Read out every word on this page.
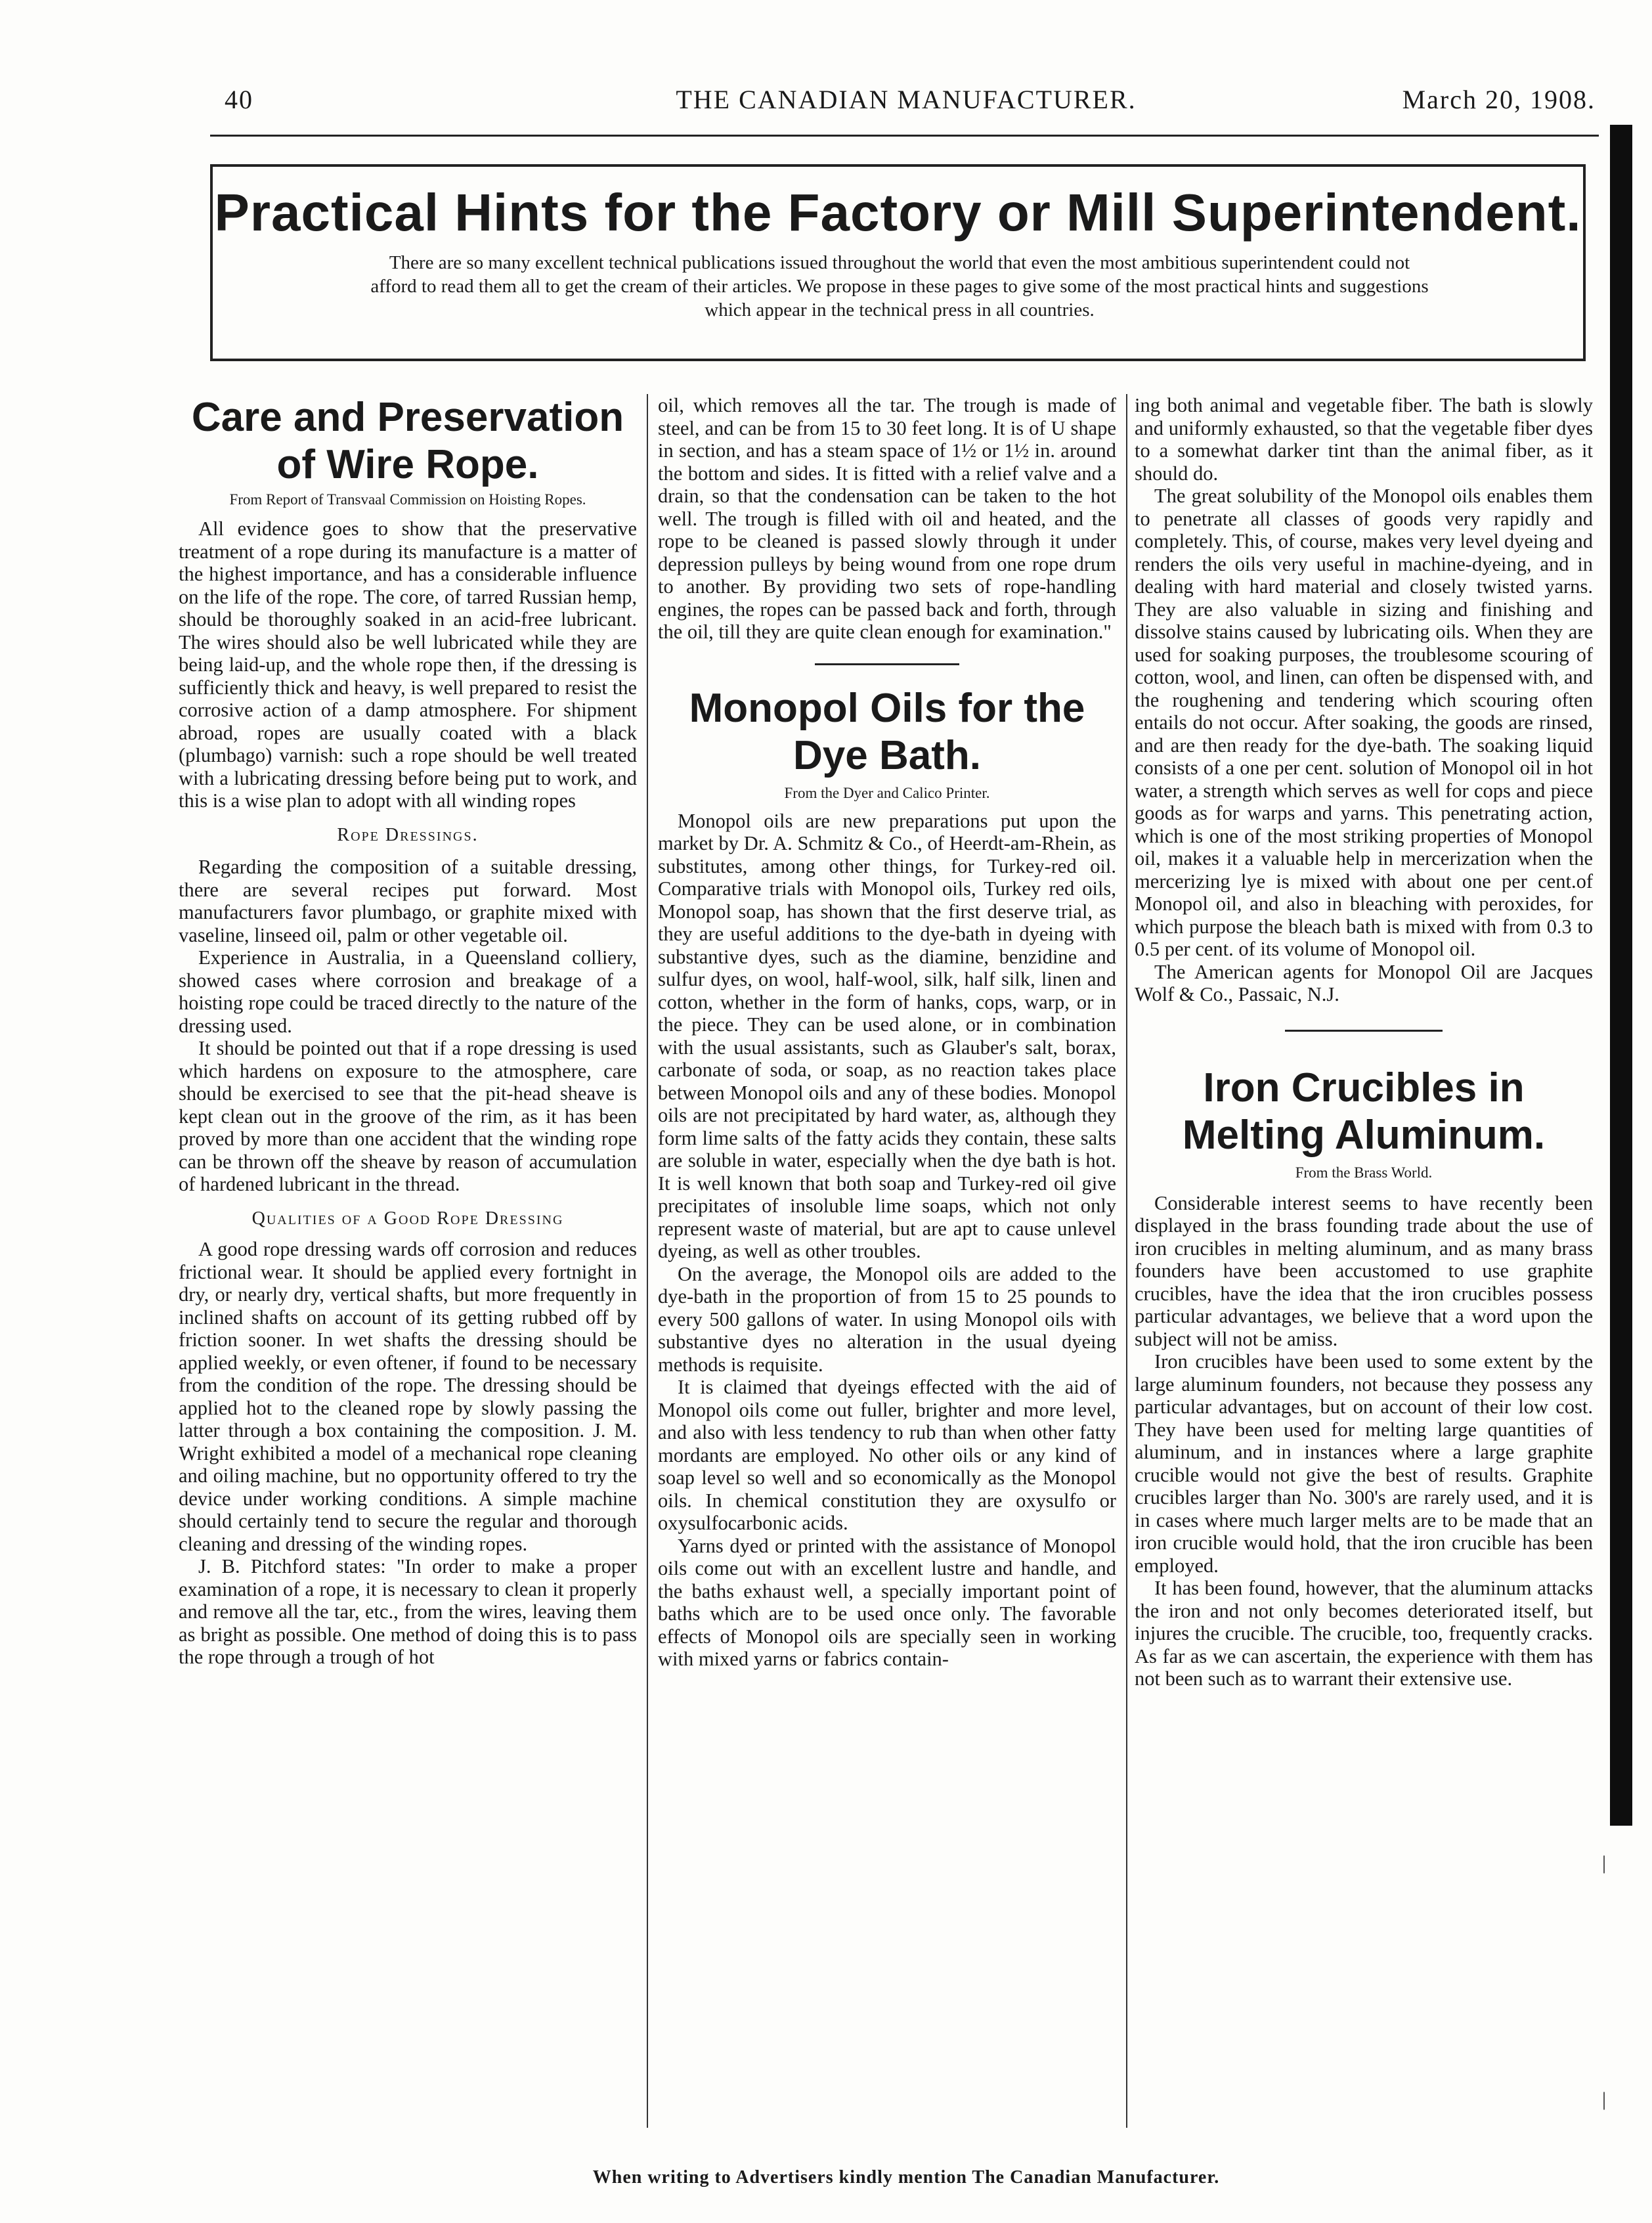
40	THE CANADIAN MANUFACTURER.	March 20, 1908.
Practical Hints for the Factory or Mill Superintendent.
There are so many excellent technical publications issued throughout the world that even the most ambitious superintendent could not afford to read them all to get the cream of their articles. We propose in these pages to give some of the most practical hints and suggestions which appear in the technical press in all countries.
Care and Preservation of Wire Rope.
From Report of Transvaal Commission on Hoisting Ropes.

All evidence goes to show that the preservative treatment of a rope during its manufacture is a matter of the highest importance, and has a considerable influence on the life of the rope. The core, of tarred Russian hemp, should be thoroughly soaked in an acid-free lubricant. The wires should also be well lubricated while they are being laid-up, and the whole rope then, if the dressing is sufficiently thick and heavy, is well prepared to resist the corrosive action of a damp atmosphere. For shipment abroad, ropes are usually coated with a black (plumbago) varnish: such a rope should be well treated with a lubricating dressing before being put to work, and this is a wise plan to adopt with all winding ropes

Rope Dressings.

Regarding the composition of a suitable dressing, there are several recipes put forward. Most manufacturers favor plumbago, or graphite mixed with vaseline, linseed oil, palm or other vegetable oil.

Experience in Australia, in a Queensland colliery, showed cases where corrosion and breakage of a hoisting rope could be traced directly to the nature of the dressing used.

It should be pointed out that if a rope dressing is used which hardens on exposure to the atmosphere, care should be exercised to see that the pit-head sheave is kept clean out in the groove of the rim, as it has been proved by more than one accident that the winding rope can be thrown off the sheave by reason of accumulation of hardened lubricant in the thread.

Qualities of a Good Rope Dressing

A good rope dressing wards off corrosion and reduces frictional wear. It should be applied every fortnight in dry, or nearly dry, vertical shafts, but more frequently in inclined shafts on account of its getting rubbed off by friction sooner. In wet shafts the dressing should be applied weekly, or even oftener, if found to be necessary from the condition of the rope. The dressing should be applied hot to the cleaned rope by slowly passing the latter through a box containing the composition. J. M. Wright exhibited a model of a mechanical rope cleaning and oiling machine, but no opportunity offered to try the device under working conditions. A simple machine should certainly tend to secure the regular and thorough cleaning and dressing of the winding ropes.

J. B. Pitchford states: "In order to make a proper examination of a rope, it is necessary to clean it properly and remove all the tar, etc., from the wires, leaving them as bright as possible. One method of doing this is to pass the rope through a trough of hot

oil, which removes all the tar. The trough is made of steel, and can be from 15 to 30 feet long. It is of U shape in section, and has a steam space of 1½ or 1½ in. around the bottom and sides. It is fitted with a relief valve and a drain, so that the condensation can be taken to the hot well. The trough is filled with oil and heated, and the rope to be cleaned is passed slowly through it under depression pulleys by being wound from one rope drum to another. By providing two sets of rope-handling engines, the ropes can be passed back and forth, through the oil, till they are quite clean enough for examination."

Monopol Oils for the Dye Bath.
From the Dyer and Calico Printer.

Monopol oils are new preparations put upon the market by Dr. A. Schmitz & Co., of Heerdt-am-Rhein, as substitutes, among other things, for Turkey-red oil. Comparative trials with Monopol oils, Turkey red oils, Monopol soap, has shown that the first deserve trial, as they are useful additions to the dye-bath in dyeing with substantive dyes, such as the diamine, benzidine and sulfur dyes, on wool, half-wool, silk, half silk, linen and cotton, whether in the form of hanks, cops, warp, or in the piece. They can be used alone, or in combination with the usual assistants, such as Glauber's salt, borax, carbonate of soda, or soap, as no reaction takes place between Monopol oils and any of these bodies. Monopol oils are not precipitated by hard water, as, although they form lime salts of the fatty acids they contain, these salts are soluble in water, especially when the dye bath is hot. It is well known that both soap and Turkey-red oil give precipitates of insoluble lime soaps, which not only represent waste of material, but are apt to cause unlevel dyeing, as well as other troubles.

On the average, the Monopol oils are added to the dye-bath in the proportion of from 15 to 25 pounds to every 500 gallons of water. In using Monopol oils with substantive dyes no alteration in the usual dyeing methods is requisite.

It is claimed that dyeings effected with the aid of Monopol oils come out fuller, brighter and more level, and also with less tendency to rub than when other fatty mordants are employed. No other oils or any kind of soap level so well and so economically as the Monopol oils. In chemical constitution they are oxysulfo or oxysulfocarbonic acids.

Yarns dyed or printed with the assistance of Monopol oils come out with an excellent lustre and handle, and the baths exhaust well, a specially important point of baths which are to be used once only. The favorable effects of Monopol oils are specially seen in working with mixed yarns or fabrics contain-

ing both animal and vegetable fiber. The bath is slowly and uniformly exhausted, so that the vegetable fiber dyes to a somewhat darker tint than the animal fiber, as it should do.

The great solubility of the Monopol oils enables them to penetrate all classes of goods very rapidly and completely. This, of course, makes very level dyeing and renders the oils very useful in machine-dyeing, and in dealing with hard material and closely twisted yarns. They are also valuable in sizing and finishing and dissolve stains caused by lubricating oils. When they are used for soaking purposes, the troublesome scouring of cotton, wool, and linen, can often be dispensed with, and the roughening and tendering which scouring often entails do not occur. After soaking, the goods are rinsed, and are then ready for the dye-bath. The soaking liquid consists of a one per cent. solution of Monopol oil in hot water, a strength which serves as well for cops and piece goods as for warps and yarns. This penetrating action, which is one of the most striking properties of Monopol oil, makes it a valuable help in mercerization when the mercerizing lye is mixed with about one per cent.of Monopol oil, and also in bleaching with peroxides, for which purpose the bleach bath is mixed with from 0.3 to 0.5 per cent. of its volume of Monopol oil.

The American agents for Monopol Oil are Jacques Wolf & Co., Passaic, N.J.

Iron Crucibles in Melting Aluminum.
From the Brass World.

Considerable interest seems to have recently been displayed in the brass founding trade about the use of iron crucibles in melting aluminum, and as many brass founders have been accustomed to use graphite crucibles, have the idea that the iron crucibles possess particular advantages, we believe that a word upon the subject will not be amiss.

Iron crucibles have been used to some extent by the large aluminum founders, not because they possess any particular advantages, but on account of their low cost. They have been used for melting large quantities of aluminum, and in instances where a large graphite crucible would not give the best of results. Graphite crucibles larger than No. 300's are rarely used, and it is in cases where much larger melts are to be made that an iron crucible would hold, that the iron crucible has been employed.

It has been found, however, that the aluminum attacks the iron and not only becomes deteriorated itself, but injures the crucible. The crucible, too, frequently cracks. As far as we can ascertain, the experience with them has not been such as to warrant their extensive use.

|
|
When writing to Advertisers kindly mention The Canadian Manufacturer.
